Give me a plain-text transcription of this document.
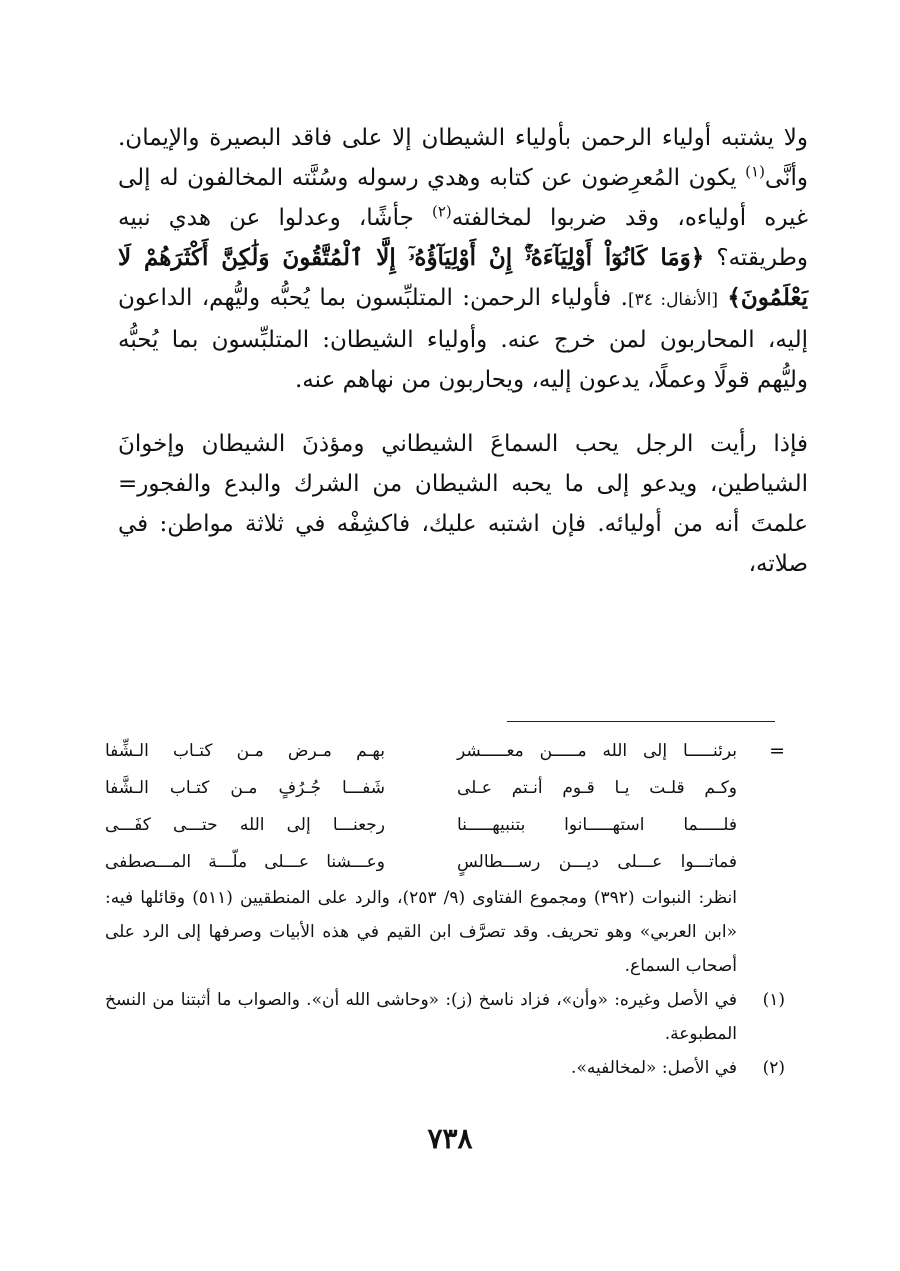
ولا يشتبه أولياء الرحمن بأولياء الشيطان إلا على فاقد البصيرة والإيمان. وأنَّى$^{(١)}$ يكون المُعرِضون عن كتابه وهدي رسوله وسُنَّته المخالفون له إلى غيره أولياءه، وقد ضربوا لمخالفته$^{(٢)}$ جأشًا، وعدلوا عن هدي نبيه وطريقته؟ ﴿وَمَا كَانُوٓاْ أَوْلِيَآءَهُۥٓۚ إِنْ أَوْلِيَآؤُهُۥٓ إِلَّا ٱلْمُتَّقُونَ وَلَٰكِنَّ أَكْثَرَهُمْ لَا يَعْلَمُونَ﴾ [الأنفال: ٣٤]. فأولياء الرحمن: المتلبِّسون بما يُحبُّه وليُّهم، الداعون إليه، المحاربون لمن خرج عنه. وأولياء الشيطان: المتلبِّسون بما يُحبُّه وليُّهم قولًا وعملًا، يدعون إليه، ويحاربون من نهاهم عنه.

فإذا رأيت الرجل يحب السماعَ الشيطاني ومؤذنَ الشيطان وإخوانَ الشياطين، ويدعو إلى ما يحبه الشيطان من الشرك والبدع والفجور= علمتَ أنه من أوليائه. فإن اشتبه عليك، فاكشِفْه في ثلاثة مواطن: في صلاته،

=
برئنـــــا إلى الله مـــــن معـــــشر
بهـم مـرض مـن كتـاب الـشِّفا
وكـم قلـت يـا قـوم أنـتم عـلى
شَفـــا جُـرُفٍ مـن كتـاب الـشَّفا
فلـــــما استهـــــانوا بتنبيهـــــنا
رجعنـــا إلى الله حتـــى كفَـــى
فماتـــوا عـــلى ديـــن رســـطالسٍ
وعـــشنا عـــلى ملّـــة المـــصطفى

انظر: النبوات (٣٩٢) ومجموع الفتاوى (٩/ ٢٥٣)، والرد على المنطقيين (٥١١) وقائلها فيه: «ابن العربي» وهو تحريف. وقد تصرَّف ابن القيم في هذه الأبيات وصرفها إلى الرد على أصحاب السماع.

(١)
في الأصل وغيره: «وأن»، فزاد ناسخ (ز): «وحاشى الله أن». والصواب ما أثبتنا من النسخ المطبوعة.
(٢)
في الأصل: «لمخالفيه».
٧٣٨
